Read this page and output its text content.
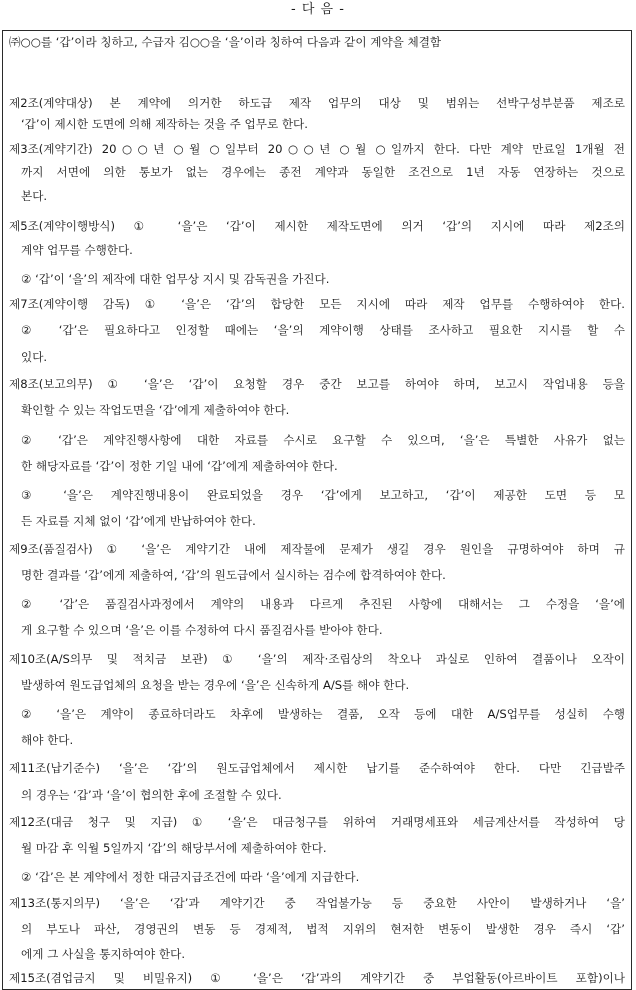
- 다 음 -
㈜○○를 ‘갑’이라 칭하고, 수급자 김○○을 ‘을’이라 칭하여 다음과 같이 계약을 체결함
제2조(계약대상) 본 계약에 의거한 하도급 제작 업무의 대상 및 범위는 선박구성부분품 제조로
‘갑’이 제시한 도면에 의해 제작하는 것을 주 업무로 한다.
제3조(계약기간) 20○○년 ○월 ○일부터 20○○년 ○월 ○일까지 한다. 다만 계약 만료일 1개월 전
까지 서면에 의한 통보가 없는 경우에는 종전 계약과 동일한 조건으로 1년 자동 연장하는 것으로
본다.
제5조(계약이행방식) ① ‘을’은 ‘갑’이 제시한 제작도면에 의거 ‘갑’의 지시에 따라 제2조의
계약 업무를 수행한다.
② ‘갑’이 ‘을’의 제작에 대한 업무상 지시 및 감독권을 가진다.
제7조(계약이행 감독) ① ‘을’은 ‘갑’의 합당한 모든 지시에 따라 제작 업무를 수행하여야 한다.
② ‘갑’은 필요하다고 인정할 때에는 ‘을’의 계약이행 상태를 조사하고 필요한 지시를 할 수
있다.
제8조(보고의무) ① ‘을’은 ‘갑’이 요청할 경우 중간 보고를 하여야 하며, 보고시 작업내용 등을
확인할 수 있는 작업도면을 ‘갑’에게 제출하여야 한다.
② ‘갑’은 계약진행사항에 대한 자료를 수시로 요구할 수 있으며, ‘을’은 특별한 사유가 없는
한 해당자료를 ‘갑’이 정한 기일 내에 ‘갑’에게 제출하여야 한다.
③ ‘을’은 계약진행내용이 완료되었을 경우 ‘갑’에게 보고하고, ‘갑’이 제공한 도면 등 모
든 자료를 지체 없이 ‘갑’에게 반납하여야 한다.
제9조(품질검사) ① ‘을’은 계약기간 내에 제작물에 문제가 생길 경우 원인을 규명하여야 하며 규
명한 결과를 ‘갑’에게 제출하여, ‘갑’의 원도급에서 실시하는 검수에 합격하여야 한다.
② ‘갑’은 품질검사과정에서 계약의 내용과 다르게 추진된 사항에 대해서는 그 수정을 ‘을’에
게 요구할 수 있으며 ‘을’은 이를 수정하여 다시 품질검사를 받아야 한다.
제10조(A/S의무 및 적치금 보관) ① ‘을’의 제작·조립상의 착오나 과실로 인하여 결품이나 오작이
발생하여 원도급업체의 요청을 받는 경우에 ‘을’은 신속하게 A/S를 해야 한다.
② ‘을’은 계약이 종료하더라도 차후에 발생하는 결품, 오작 등에 대한 A/S업무를 성실히 수행
해야 한다.
제11조(납기준수) ‘을’은 ‘갑’의 원도급업체에서 제시한 납기를 준수하여야 한다. 다만 긴급발주
의 경우는 ‘갑’과 ‘을’이 협의한 후에 조절할 수 있다.
제12조(대금 청구 및 지급) ① ‘을’은 대금청구를 위하여 거래명세표와 세금계산서를 작성하여 당
월 마감 후 익월 5일까지 ‘갑’의 해당부서에 제출하여야 한다.
② ‘갑’은 본 계약에서 정한 대금지급조건에 따라 ‘을’에게 지급한다.
제13조(통지의무) ‘을’은 ‘갑’과 계약기간 중 작업불가능 등 중요한 사안이 발생하거나 ‘을’
의 부도나 파산, 경영권의 변동 등 경제적, 법적 지위의 현저한 변동이 발생한 경우 즉시 ‘갑’
에게 그 사실을 통지하여야 한다.
제15조(겸업금지 및 비밀유지) ① ‘을’은 ‘갑’과의 계약기간 중 부업활동(아르바이트 포함)이나
